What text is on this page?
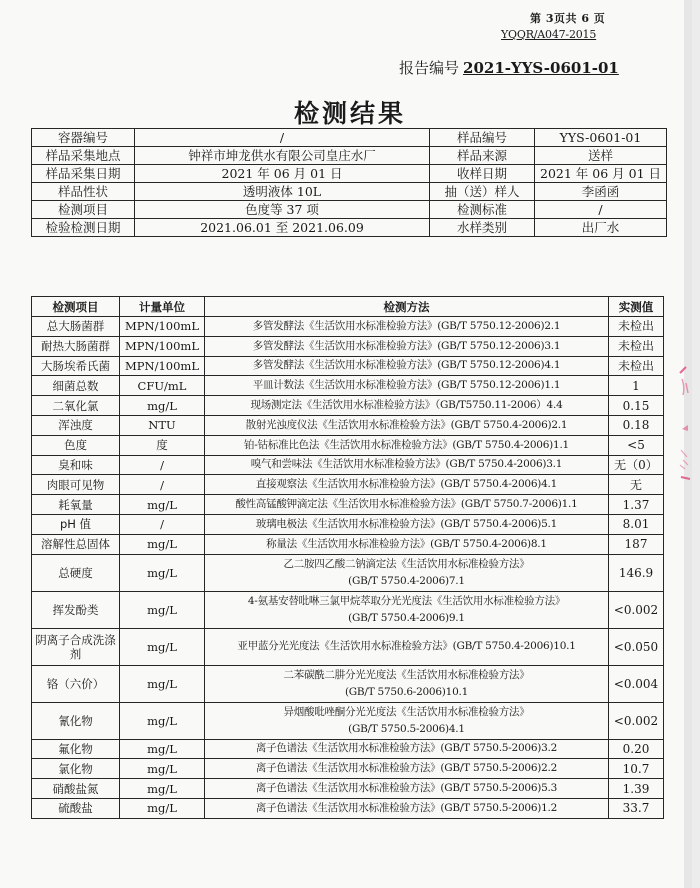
第 3页共 6 页
YQQR/A047-2015
报告编号 2021-YYS-0601-01
检测结果
容器编号	/	样品编号	YYS-0601-01
样品采集地点	钟祥市坤龙供水有限公司皇庄水厂	样品来源	送样
样品采集日期	2021 年 06 月 01 日	收样日期	2021 年 06 月 01 日
样品性状	透明液体 10L	抽（送）样人	李函函
检测项目	色度等 37 项	检测标准	/
检验检测日期	2021.06.01 至 2021.06.09	水样类别	出厂水
检测项目	计量单位	检测方法	实测值
总大肠菌群	MPN/100mL	多管发酵法《生活饮用水标准检验方法》(GB/T 5750.12-2006)2.1	未检出
耐热大肠菌群	MPN/100mL	多管发酵法《生活饮用水标准检验方法》(GB/T 5750.12-2006)3.1	未检出
大肠埃希氏菌	MPN/100mL	多管发酵法《生活饮用水标准检验方法》(GB/T 5750.12-2006)4.1	未检出
细菌总数	CFU/mL	平皿计数法《生活饮用水标准检验方法》(GB/T 5750.12-2006)1.1	1
二氧化氯	mg/L	现场测定法《生活饮用水标准检验方法》（GB/T5750.11-2006）4.4	0.15
浑浊度	NTU	散射光浊度仪法《生活饮用水标准检验方法》(GB/T 5750.4-2006)2.1	0.18
色度	度	铂-钴标准比色法《生活饮用水标准检验方法》(GB/T 5750.4-2006)1.1	<5
臭和味	/	嗅气和尝味法《生活饮用水标准检验方法》(GB/T 5750.4-2006)3.1	无（0）
肉眼可见物	/	直接观察法《生活饮用水标准检验方法》(GB/T 5750.4-2006)4.1	无
耗氧量	mg/L	酸性高锰酸钾滴定法《生活饮用水标准检验方法》(GB/T 5750.7-2006)1.1	1.37
pH 值	/	玻璃电极法《生活饮用水标准检验方法》(GB/T 5750.4-2006)5.1	8.01
溶解性总固体	mg/L	称量法《生活饮用水标准检验方法》(GB/T 5750.4-2006)8.1	187
总硬度	mg/L	乙二胺四乙酸二钠滴定法《生活饮用水标准检验方法》
(GB/T 5750.4-2006)7.1	146.9
挥发酚类	mg/L	4-氨基安替吡啉三氯甲烷萃取分光光度法《生活饮用水标准检验方法》
(GB/T 5750.4-2006)9.1	<0.002
阴离子合成洗涤剂	mg/L	亚甲蓝分光光度法《生活饮用水标准检验方法》(GB/T 5750.4-2006)10.1	<0.050
铬（六价）	mg/L	二苯碳酰二肼分光光度法《生活饮用水标准检验方法》
(GB/T 5750.6-2006)10.1	<0.004
氰化物	mg/L	异烟酸吡唑酮分光光度法《生活饮用水标准检验方法》
(GB/T 5750.5-2006)4.1	<0.002
氟化物	mg/L	离子色谱法《生活饮用水标准检验方法》(GB/T 5750.5-2006)3.2	0.20
氯化物	mg/L	离子色谱法《生活饮用水标准检验方法》(GB/T 5750.5-2006)2.2	10.7
硝酸盐氮	mg/L	离子色谱法《生活饮用水标准检验方法》(GB/T 5750.5-2006)5.3	1.39
硫酸盐	mg/L	离子色谱法《生活饮用水标准检验方法》(GB/T 5750.5-2006)1.2	33.7
